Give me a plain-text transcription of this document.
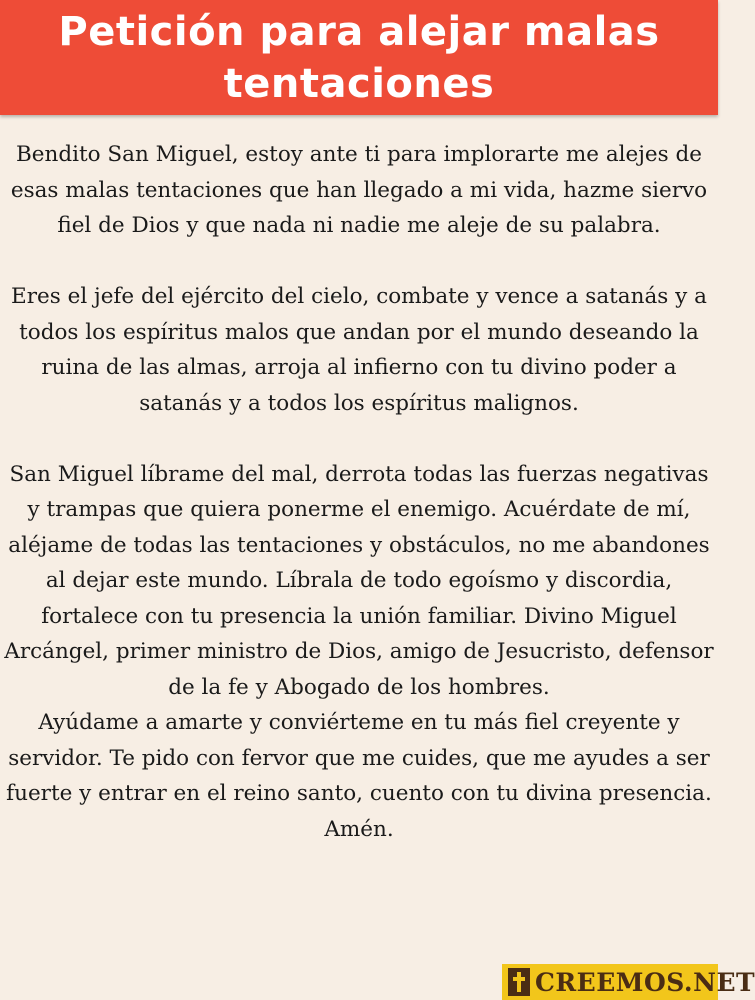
Petición para alejar malas tentaciones

Bendito San Miguel, estoy ante ti para implorarte me alejes de esas malas tentaciones que han llegado a mi vida, hazme siervo fiel de Dios y que nada ni nadie me aleje de su palabra.

Eres el jefe del ejército del cielo, combate y vence a satanás y a todos los espíritus malos que andan por el mundo deseando la ruina de las almas, arroja al infierno con tu divino poder a satanás y a todos los espíritus malignos.

San Miguel líbrame del mal, derrota todas las fuerzas negativas y trampas que quiera ponerme el enemigo. Acuérdate de mí, aléjame de todas las tentaciones y obstáculos, no me abandones al dejar este mundo. Líbrala de todo egoísmo y discordia, fortalece con tu presencia la unión familiar. Divino Miguel Arcángel, primer ministro de Dios, amigo de Jesucristo, defensor de la fe y Abogado de los hombres.

Ayúdame a amarte y conviérteme en tu más fiel creyente y servidor. Te pido con fervor que me cuides, que me ayudes a ser fuerte y entrar en el reino santo, cuento con tu divina presencia. Amén.

CREEMOS.NET
